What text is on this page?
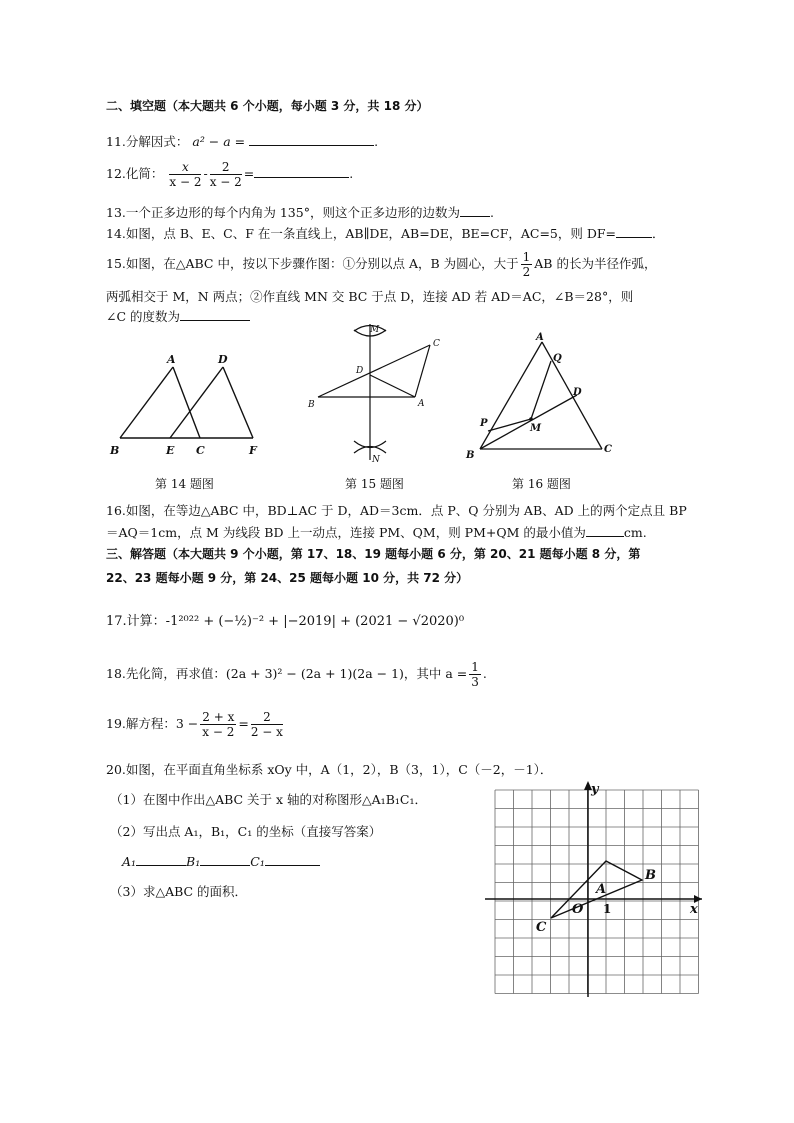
二、填空题（本大题共 6 个小题，每小题 3 分，共 18 分）
11.分解因式： a² − a =	.
12.化简： $\frac{x}{x - 2} - \frac{2}{x - 2}$ =	.
13.一个正多边形的每个内角为 135°，则这个正多边形的边数为 .
14.如图，点 B、E、C、F 在一条直线上，AB∥DE，AB=DE，BE=CF，AC=5，则 DF=	．
15.如图，在△ABC 中，按以下步骤作图：①分别以点 A，B 为圆心，大于 $\frac{1}{2}$ AB 的长为半径作弧，
两弧相交于 M，N 两点；②作直线 MN 交 BC 于点 D，连接 AD 若 AD＝AC，∠B＝28°，则
∠C 的度数为
A	D
B	E C	F
第 14 题图
M
N
C
D
B	A
第 15 题图
A
Q
D
P	M
B
C
第 16 题图
16.如图，在等边△ABC 中，BD⊥AC 于 D，AD＝3cm．点 P、Q 分别为 AB、AD 上的两个定点且 BP
＝AQ＝1cm，点 M 为线段 BD 上一动点，连接 PM、QM，则 PM+QM 的最小值为	cm.
三、解答题（本大题共 9 个小题，第 17、18、19 题每小题 6 分，第 20、21 题每小题 8 分，第
22、23 题每小题 9 分，第 24、25 题每小题 10 分，共 72 分）
17.计算：-1²⁰²² + (−½)⁻² + |−2019| + (2021 − √2020)⁰
18.先化简，再求值：(2a + 3)² − (2a + 1)(2a − 1)，其中 $a = \frac{1}{3}$ .
19.解方程：$3 - \frac{2 + x}{x - 2} = \frac{2}{2 - x}$
20.如图，在平面直角坐标系 xOy 中，A（1，2），B（3，1），C（－2，－1）．
（1）在图中作出△ABC 关于 x 轴的对称图形△A₁B₁C₁．
（2）写出点 A₁，B₁，C₁ 的坐标（直接写答案）
A₁	B₁	C₁
（3）求△ABC 的面积．
x
y
O
A
B
C
1
